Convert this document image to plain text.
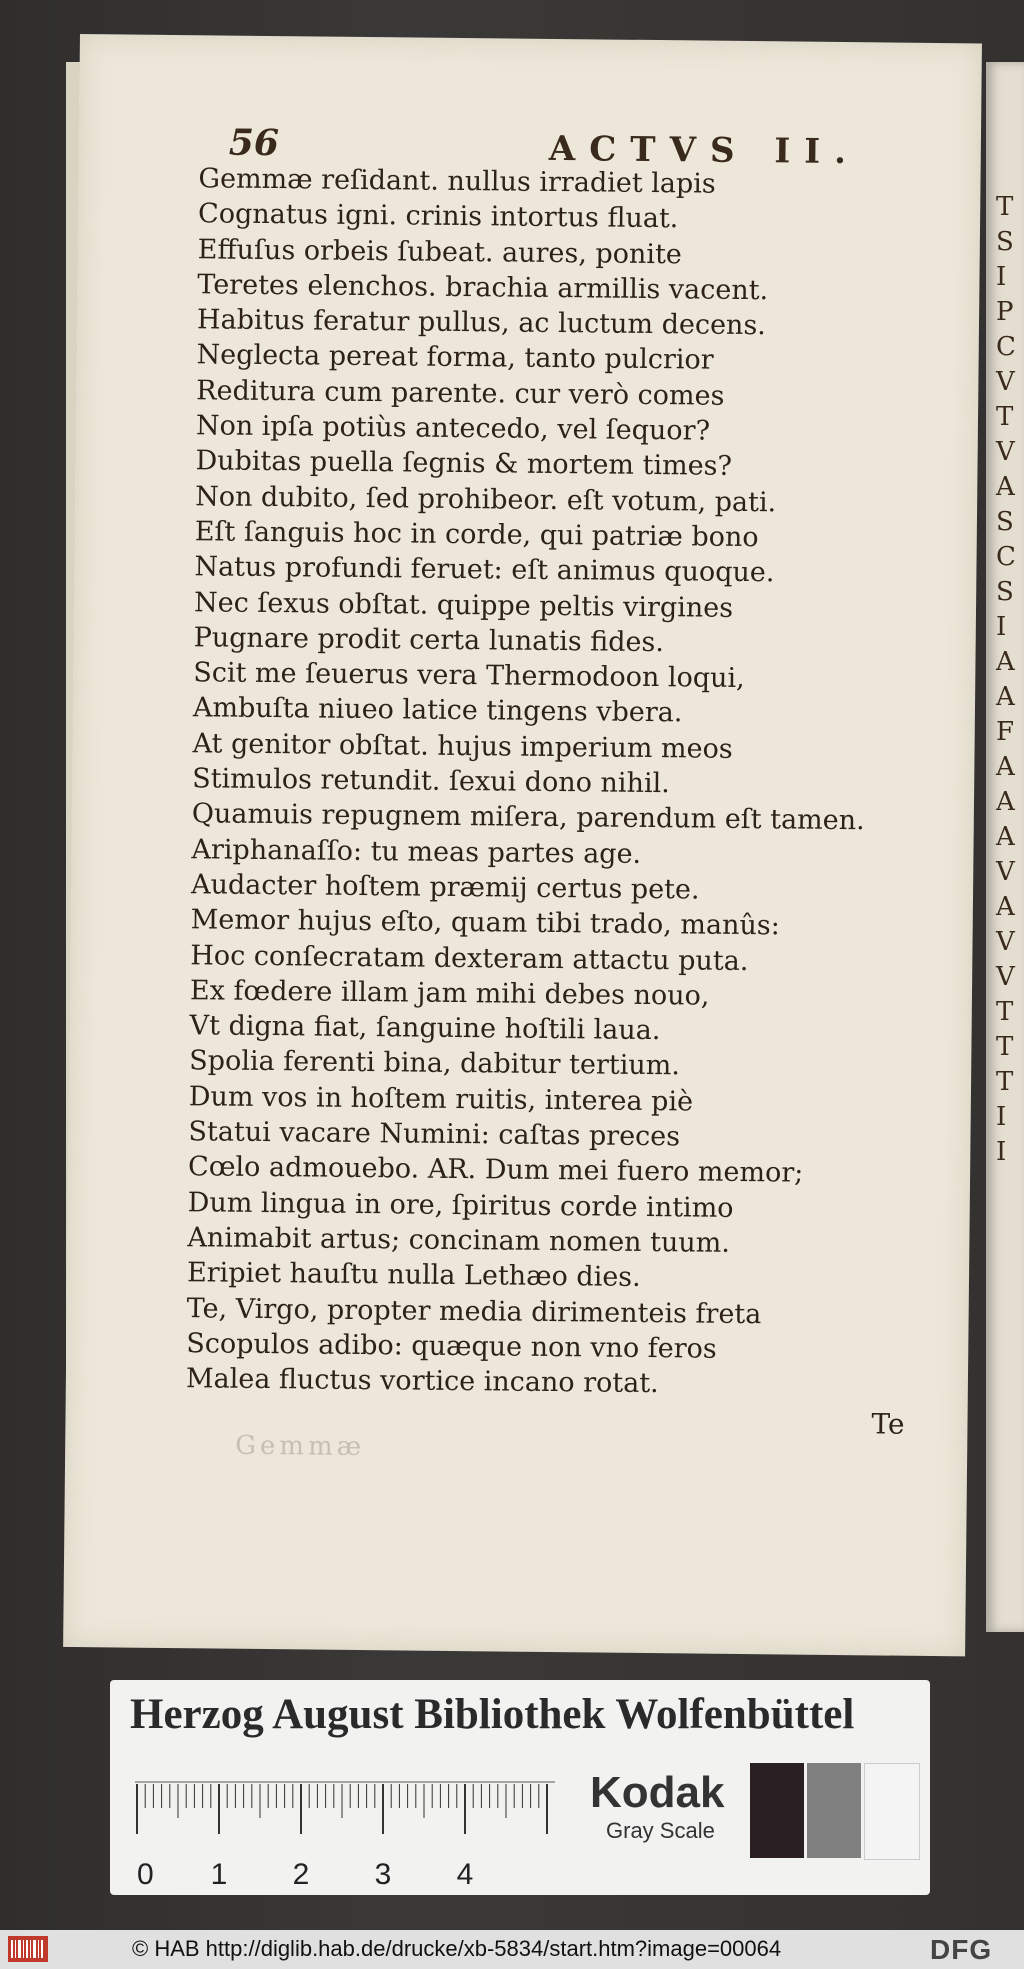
56	ACTVS II.
Gemmæ reſidant. nullus irradiet lapis
Cognatus igni. crinis intortus fluat.
Effuſus orbeis ſubeat. aures, ponite
Teretes elenchos. brachia armillis vacent.
Habitus feratur pullus, ac luctum decens.
Neglecta pereat forma, tanto pulcrior
Reditura cum parente. cur verò comes
Non ipſa potiùs antecedo, vel ſequor?
Dubitas puella ſegnis & mortem times?
Non dubito, ſed prohibeor. eſt votum, pati.
Eſt ſanguis hoc in corde, qui patriæ bono
Natus profundi feruet: eſt animus quoque.
Nec ſexus obſtat. quippe peltis virgines
Pugnare prodit certa lunatis fides.
Scit me ſeuerus vera Thermodoon loqui,
Ambuſta niueo latice tingens vbera.
At genitor obſtat. hujus imperium meos
Stimulos retundit. ſexui dono nihil.
Quamuis repugnem miſera, parendum eſt tamen.
Ariphanaſſo: tu meas partes age.
Audacter hoſtem præmij certus pete.
Memor hujus eſto, quam tibi trado, manûs:
Hoc conſecratam dexteram attactu puta.
Ex fœdere illam jam mihi debes nouo,
Vt digna fiat, ſanguine hoſtili laua.
Spolia ferenti bina, dabitur tertium.
Dum vos in hoſtem ruitis, interea piè
Statui vacare Numini: caſtas preces
Cœlo admouebo. AR. Dum mei fuero memor;
Dum lingua in ore, ſpiritus corde intimo
Animabit artus; concinam nomen tuum.
Eripiet hauſtu nulla Lethæo dies.
Te, Virgo, propter media dirimenteis freta
Scopulos adibo: quæque non vno feros
Malea fluctus vortice incano rotat.
Te
Gemmæ
T
S
I
P
C
V
T
V
A
S
C
S
I
A
A
F
A
A
A
V
A
V
V
T
T
T
I
I
Herzog August Bibliothek Wolfenbüttel
0 1 2 3 4
Kodak
Gray Scale
© HAB http://diglib.hab.de/drucke/xb-5834/start.htm?image=00064	DFG
